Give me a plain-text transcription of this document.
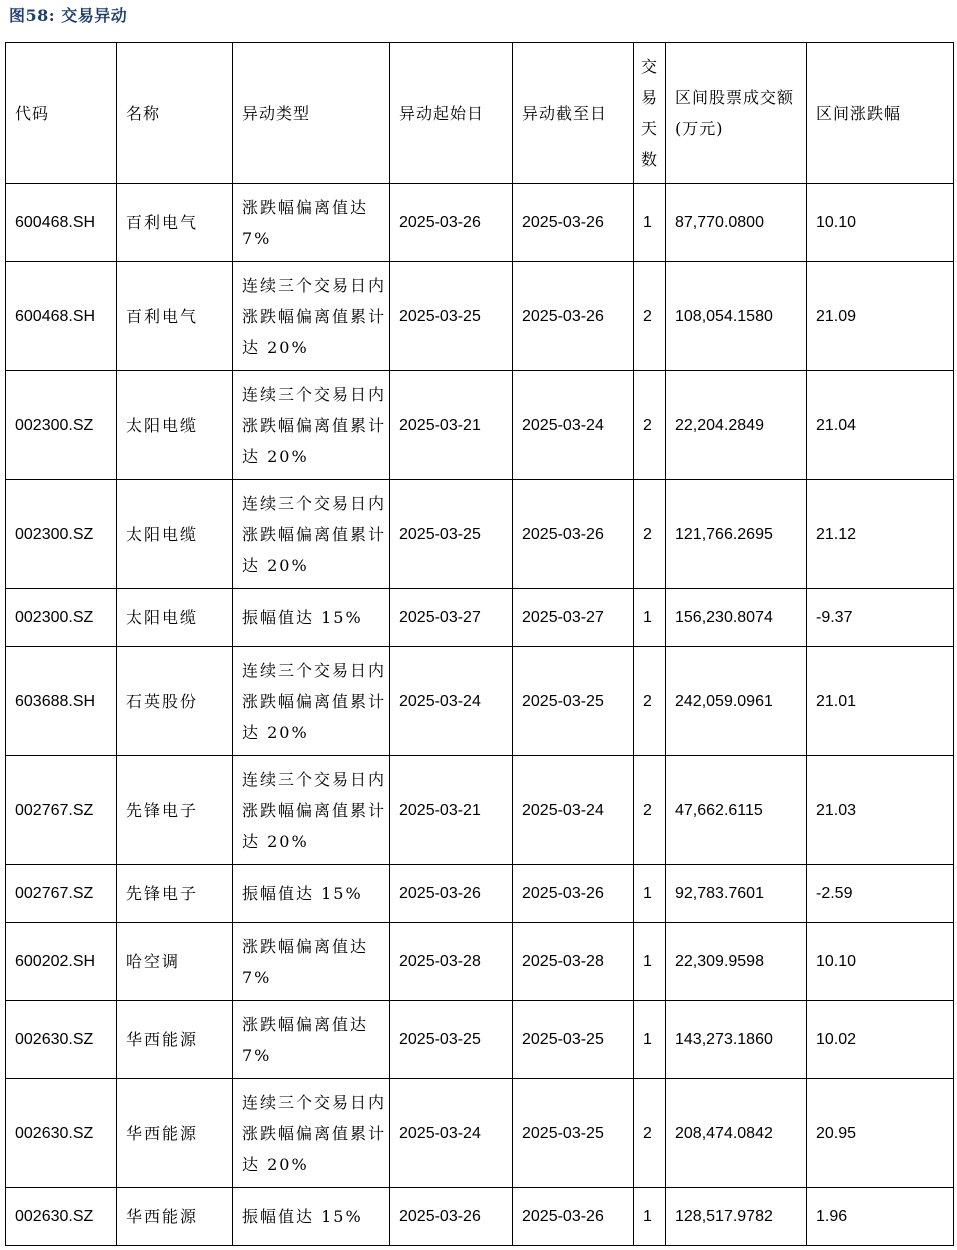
图58: 交易异动
代码	名称	异动类型	异动起始日	异动截至日	交易天数	区间股票成交额(万元)	区间涨跌幅
600468.SH	百利电气	涨跌幅偏离值达 7%	2025-03-26	2025-03-26	1	87,770.0800	10.10
600468.SH	百利电气	连续三个交易日内涨跌幅偏离值累计达 20%	2025-03-25	2025-03-26	2	108,054.1580	21.09
002300.SZ	太阳电缆	连续三个交易日内涨跌幅偏离值累计达 20%	2025-03-21	2025-03-24	2	22,204.2849	21.04
002300.SZ	太阳电缆	连续三个交易日内涨跌幅偏离值累计达 20%	2025-03-25	2025-03-26	2	121,766.2695	21.12
002300.SZ	太阳电缆	振幅值达 15%	2025-03-27	2025-03-27	1	156,230.8074	-9.37
603688.SH	石英股份	连续三个交易日内涨跌幅偏离值累计达 20%	2025-03-24	2025-03-25	2	242,059.0961	21.01
002767.SZ	先锋电子	连续三个交易日内涨跌幅偏离值累计达 20%	2025-03-21	2025-03-24	2	47,662.6115	21.03
002767.SZ	先锋电子	振幅值达 15%	2025-03-26	2025-03-26	1	92,783.7601	-2.59
600202.SH	哈空调	涨跌幅偏离值达 7%	2025-03-28	2025-03-28	1	22,309.9598	10.10
002630.SZ	华西能源	涨跌幅偏离值达 7%	2025-03-25	2025-03-25	1	143,273.1860	10.02
002630.SZ	华西能源	连续三个交易日内涨跌幅偏离值累计达 20%	2025-03-24	2025-03-25	2	208,474.0842	20.95
002630.SZ	华西能源	振幅值达 15%	2025-03-26	2025-03-26	1	128,517.9782	1.96
